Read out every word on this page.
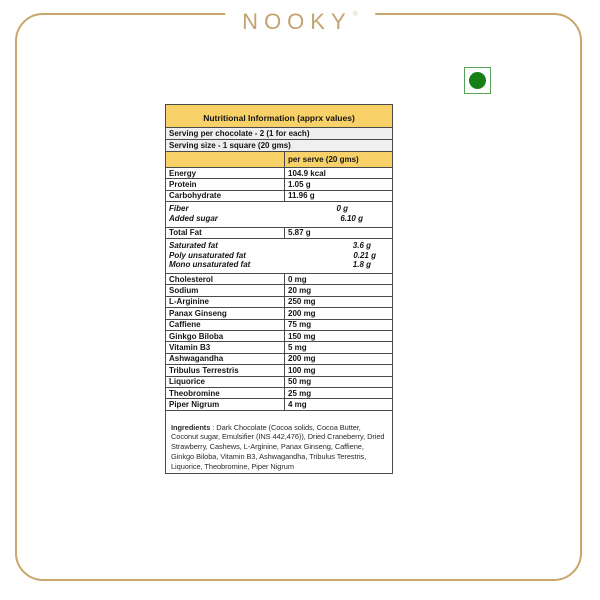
NOOKY ®
Nutritional Information (apprx values)
Serving per chocolate - 2 (1 for each)
Serving size - 1 square (20 gms)
per serve (20 gms)
Energy	104.9 kcal
Protein	1.05 g
Carbohydrate	11.96 g
Fiber	0 g
Added sugar	6.10 g
Total Fat	5.87 g
Saturated fat	3.6 g
Poly unsaturated fat	0.21 g
Mono unsaturated fat	1.8 g
Cholesterol	0 mg
Sodium	20 mg
L-Arginine	250 mg
Panax Ginseng	200 mg
Caffiene	75 mg
Ginkgo Biloba	150 mg
Vitamin B3	5 mg
Ashwagandha	200 mg
Tribulus Terrestris	100 mg
Liquorice	50 mg
Theobromine	25 mg
Piper Nigrum	4 mg
Ingredients : Dark Chocolate (Cocoa solids, Cocoa Butter, Coconut sugar, Emulsifier (INS 442,476)), Dried Craneberry, Dried Strawberry, Cashews, L-Arginine, Panax Ginseng, Caffiene, Ginkgo Biloba, Vitamin B3, Ashwagandha, Tribulus Terestris, Liquorice, Theobromine, Piper Nigrum
